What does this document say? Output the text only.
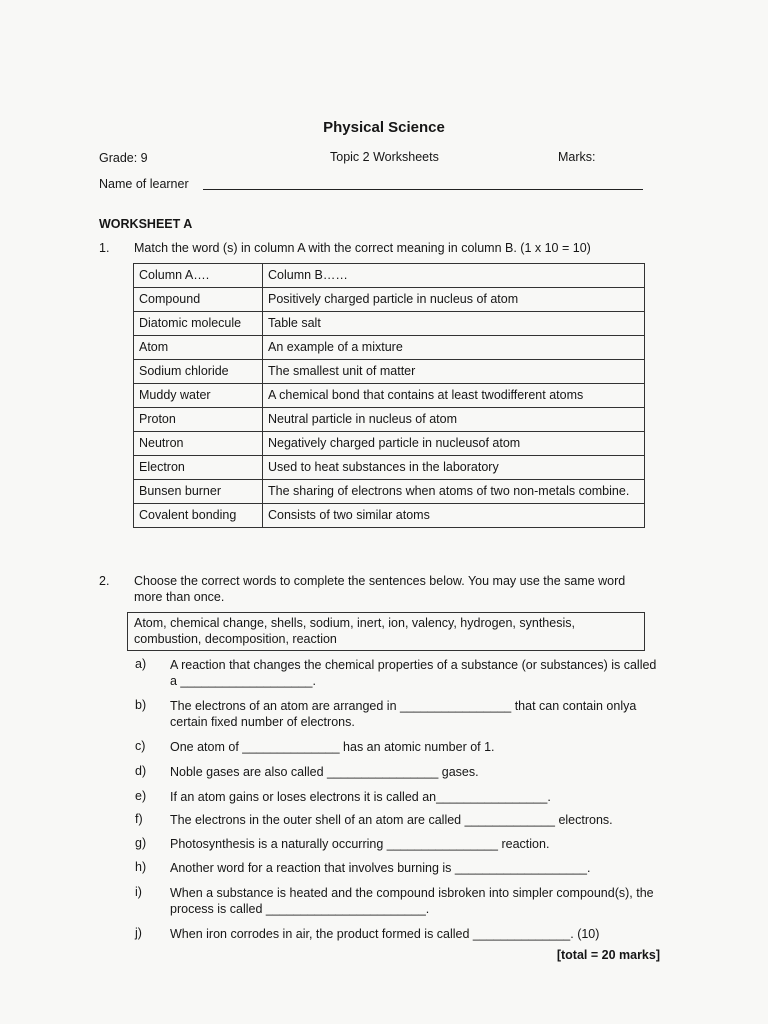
Physical Science
Grade: 9	Topic 2 Worksheets	Marks:
Name of learner
WORKSHEET A
1. Match the word (s) in column A with the correct meaning in column B. (1 x 10 = 10)
Column A….	Column B……
Compound	Positively charged particle in nucleus of atom
Diatomic molecule	Table salt
Atom	An example of a mixture
Sodium chloride	The smallest unit of matter
Muddy water	A chemical bond that contains at least twodifferent atoms
Proton	Neutral particle in nucleus of atom
Neutron	Negatively charged particle in nucleusof atom
Electron	Used to heat substances in the laboratory
Bunsen burner	The sharing of electrons when atoms of two non-metals combine.
Covalent bonding	Consists of two similar atoms
2. Choose the correct words to complete the sentences below. You may use the same word more than once.
Atom, chemical change, shells, sodium, inert, ion, valency, hydrogen, synthesis, combustion, decomposition, reaction
a) A reaction that changes the chemical properties of a substance (or substances) is called a ___________________.
b) The electrons of an atom are arranged in ________________ that can contain onlya certain fixed number of electrons.
c) One atom of ______________ has an atomic number of 1.
d) Noble gases are also called ________________ gases.
e) If an atom gains or loses electrons it is called an________________.
f) The electrons in the outer shell of an atom are called _____________ electrons.
g) Photosynthesis is a naturally occurring ________________ reaction.
h) Another word for a reaction that involves burning is ___________________.
i) When a substance is heated and the compound isbroken into simpler compound(s), the process is called _______________________.
j) When iron corrodes in air, the product formed is called ______________. (10)
[total = 20 marks]
